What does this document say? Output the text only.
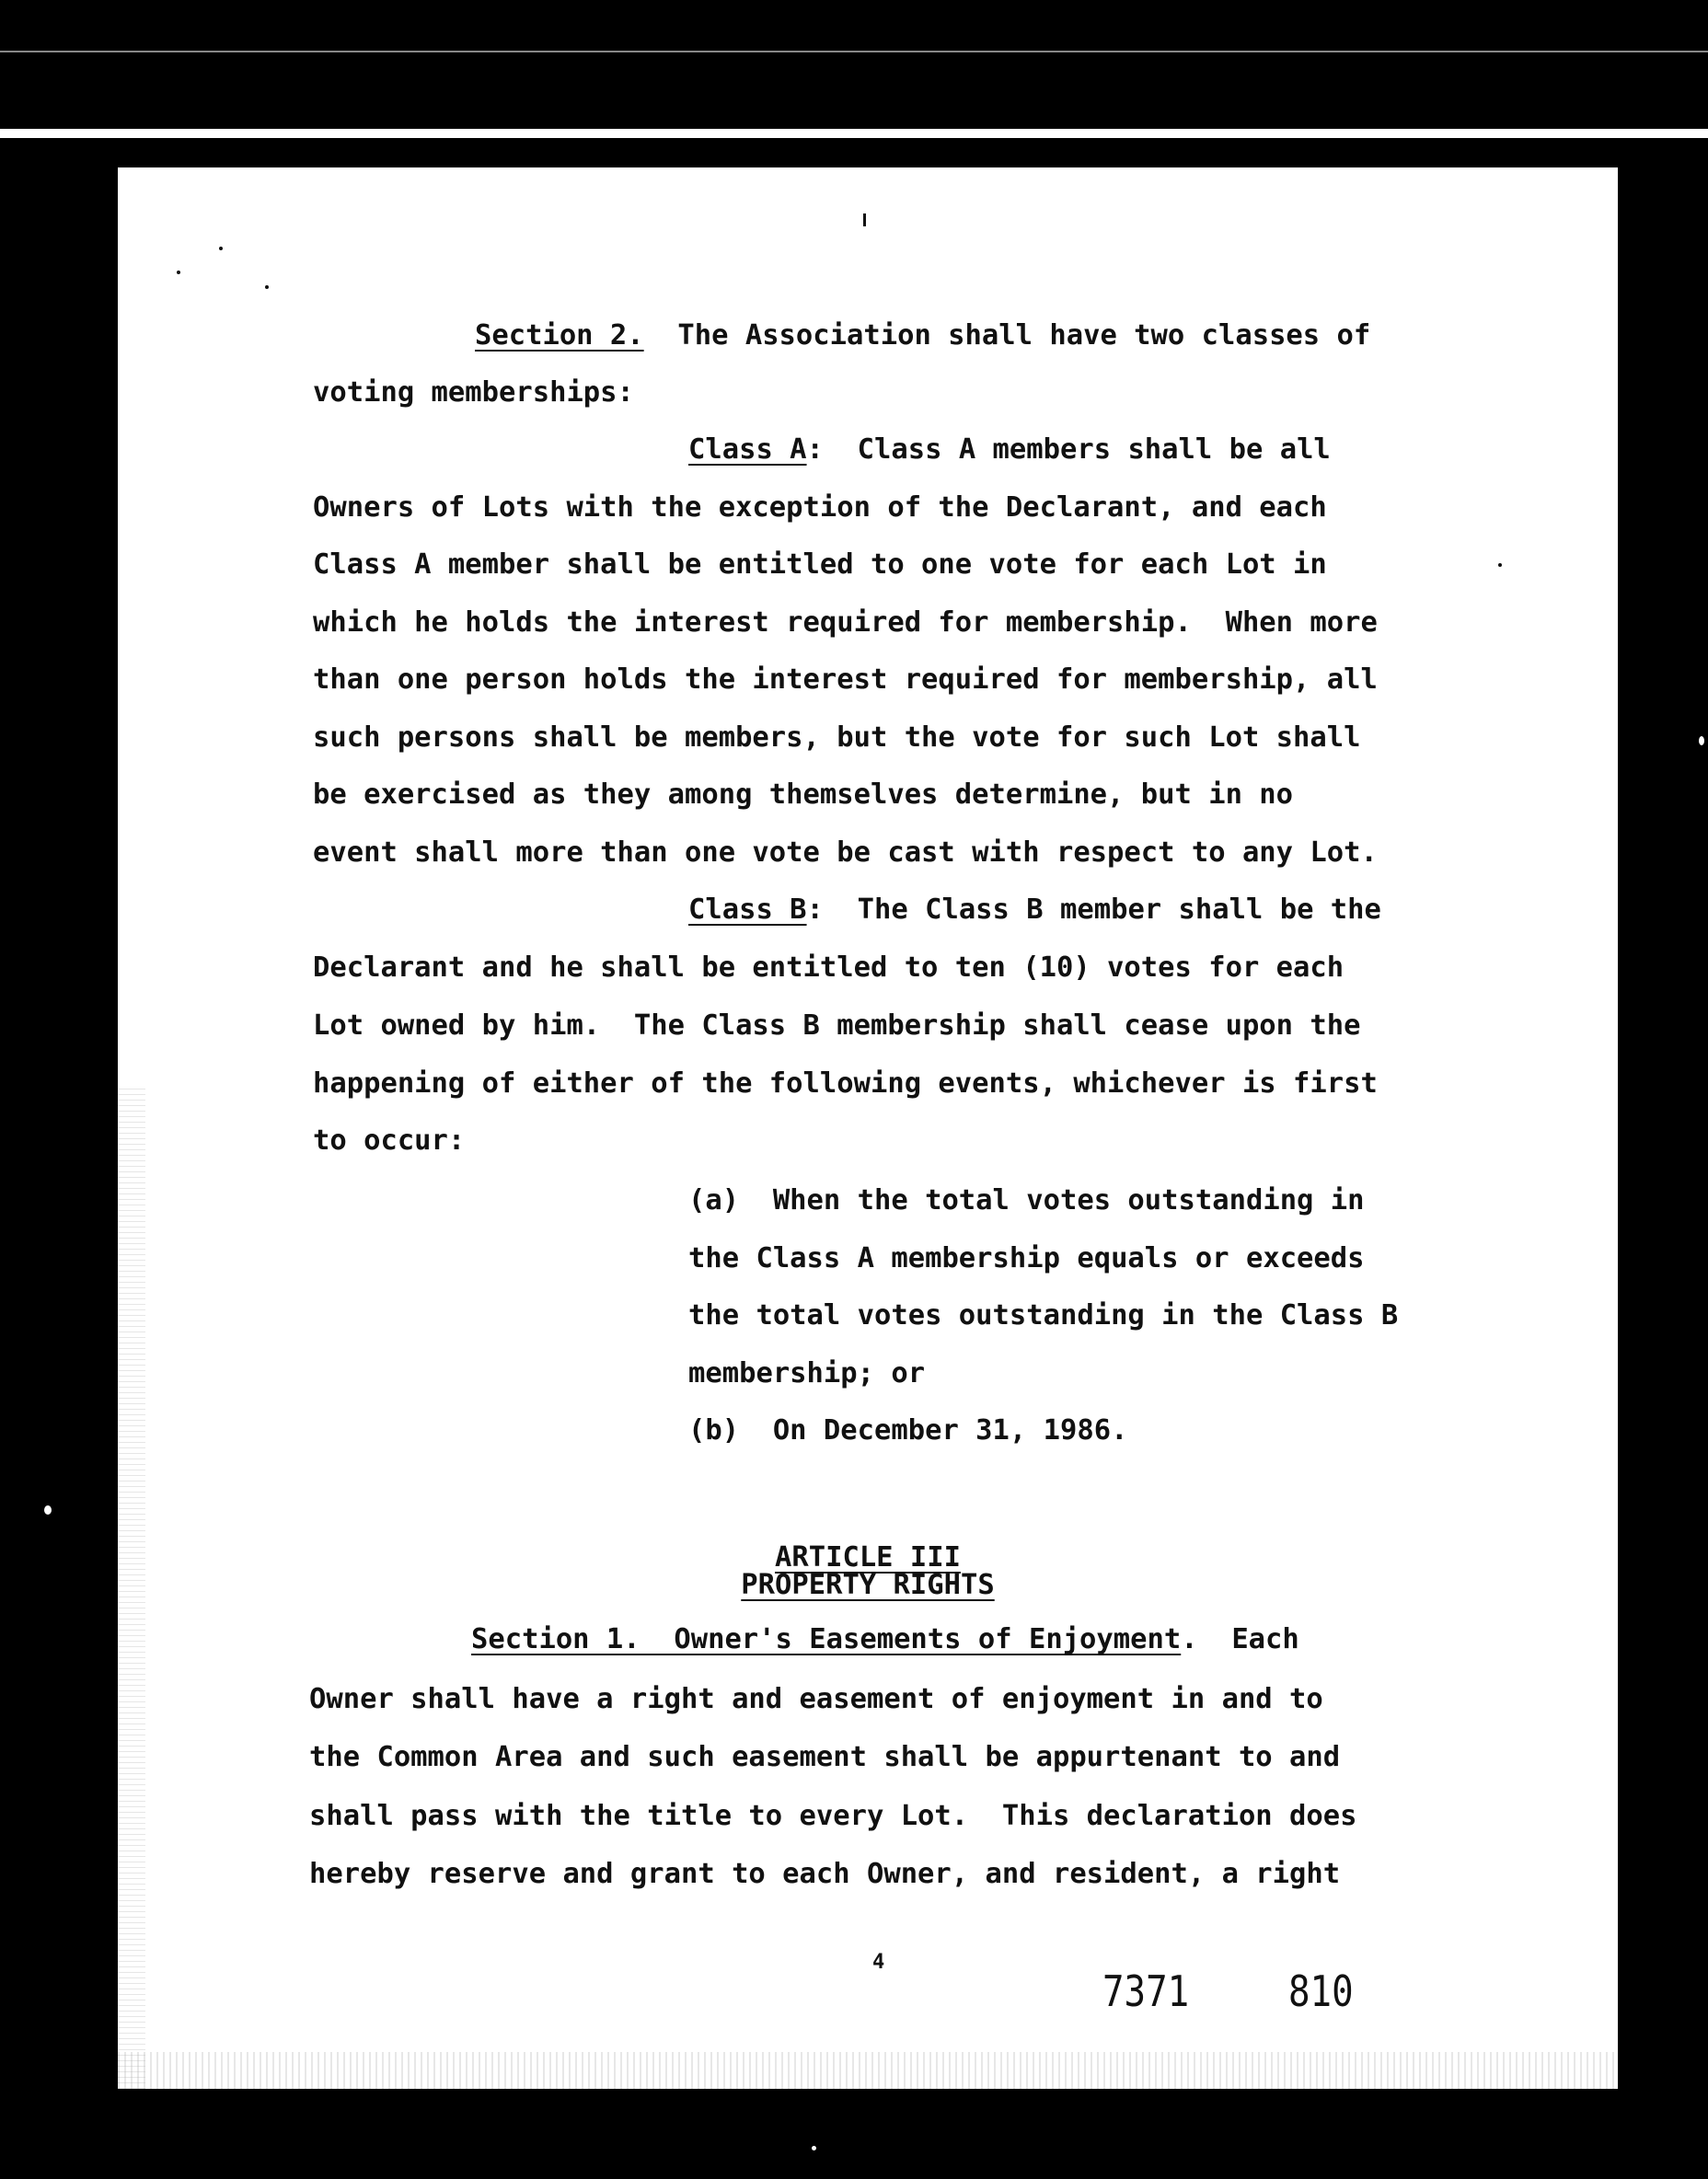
Section 2. The Association shall have two classes of
voting memberships:
Class A:  Class A members shall be all
Owners of Lots with the exception of the Declarant, and each
Class A member shall be entitled to one vote for each Lot in
which he holds the interest required for membership.  When more
than one person holds the interest required for membership, all
such persons shall be members, but the vote for such Lot shall
be exercised as they among themselves determine, but in no
event shall more than one vote be cast with respect to any Lot.
Class B:  The Class B member shall be the
Declarant and he shall be entitled to ten (10) votes for each
Lot owned by him.  The Class B membership shall cease upon the
happening of either of the following events, whichever is first
to occur:
(a)  When the total votes outstanding in
the Class A membership equals or exceeds
the total votes outstanding in the Class B
membership; or
(b)  On December 31, 1986.
ARTICLE III
PROPERTY RIGHTS
Section 1.  Owner's Easements of Enjoyment.  Each
Owner shall have a right and easement of enjoyment in and to
the Common Area and such easement shall be appurtenant to and
shall pass with the title to every Lot.  This declaration does
hereby reserve and grant to each Owner, and resident, a right
4
7371 810
